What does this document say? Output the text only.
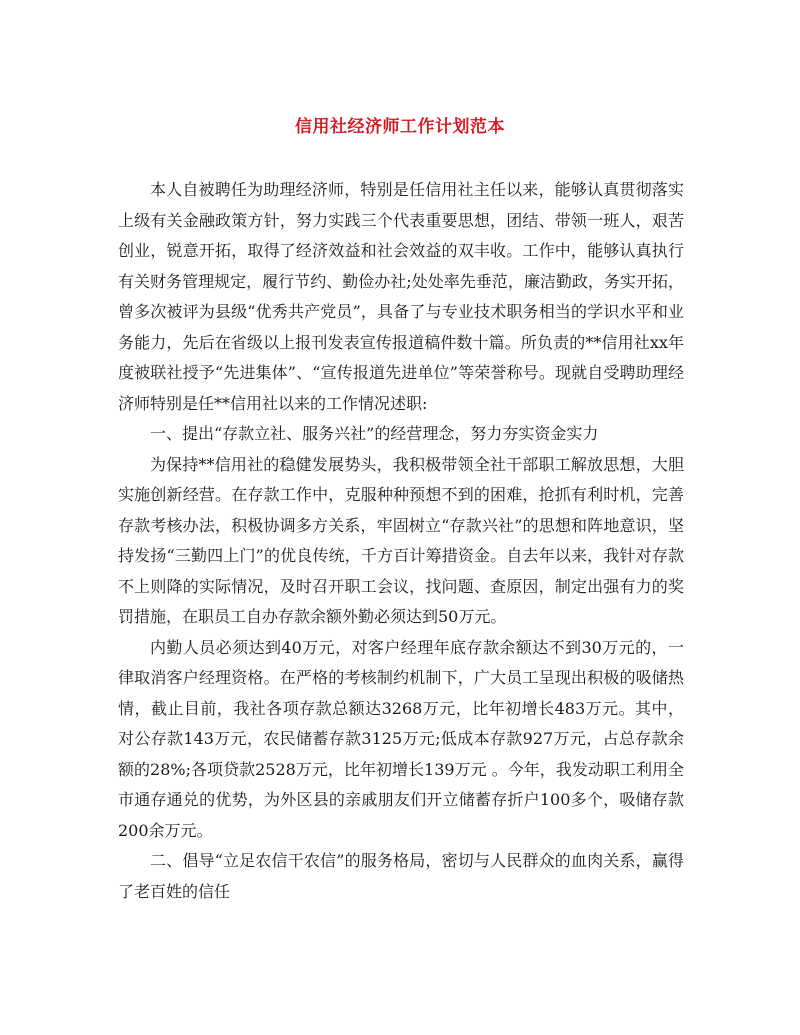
信用社经济师工作计划范本

本人自被聘任为助理经济师，特别是任信用社主任以来，能够认真贯彻落实上级有关金融政策方针，努力实践三个代表重要思想，团结、带领一班人，艰苦创业，锐意开拓，取得了经济效益和社会效益的双丰收。工作中，能够认真执行有关财务管理规定，履行节约、勤俭办社;处处率先垂范，廉洁勤政，务实开拓，曾多次被评为县级“优秀共产党员”，具备了与专业技术职务相当的学识水平和业务能力，先后在省级以上报刊发表宣传报道稿件数十篇。所负责的**信用社xx年度被联社授予“先进集体”、“宣传报道先进单位”等荣誉称号。现就自受聘助理经济师特别是任**信用社以来的工作情况述职:

一、提出“存款立社、服务兴社”的经营理念，努力夯实资金实力

为保持**信用社的稳健发展势头，我积极带领全社干部职工解放思想，大胆实施创新经营。在存款工作中，克服种种预想不到的困难，抢抓有利时机，完善存款考核办法，积极协调多方关系，牢固树立“存款兴社”的思想和阵地意识，坚持发扬“三勤四上门”的优良传统，千方百计筹措资金。自去年以来，我针对存款不上则降的实际情况，及时召开职工会议，找问题、查原因，制定出强有力的奖罚措施，在职员工自办存款余额外勤必须达到50万元。

内勤人员必须达到40万元，对客户经理年底存款余额达不到30万元的，一律取消客户经理资格。在严格的考核制约机制下，广大员工呈现出积极的吸储热情，截止目前，我社各项存款总额达3268万元，比年初增长483万元。其中，对公存款143万元，农民储蓄存款3125万元;低成本存款927万元，占总存款余额的28%;各项贷款2528万元，比年初增长139万元 。今年，我发动职工利用全市通存通兑的优势，为外区县的亲戚朋友们开立储蓄存折户100多个，吸储存款200余万元。

二、倡导“立足农信干农信”的服务格局，密切与人民群众的血肉关系，赢得了老百姓的信任
